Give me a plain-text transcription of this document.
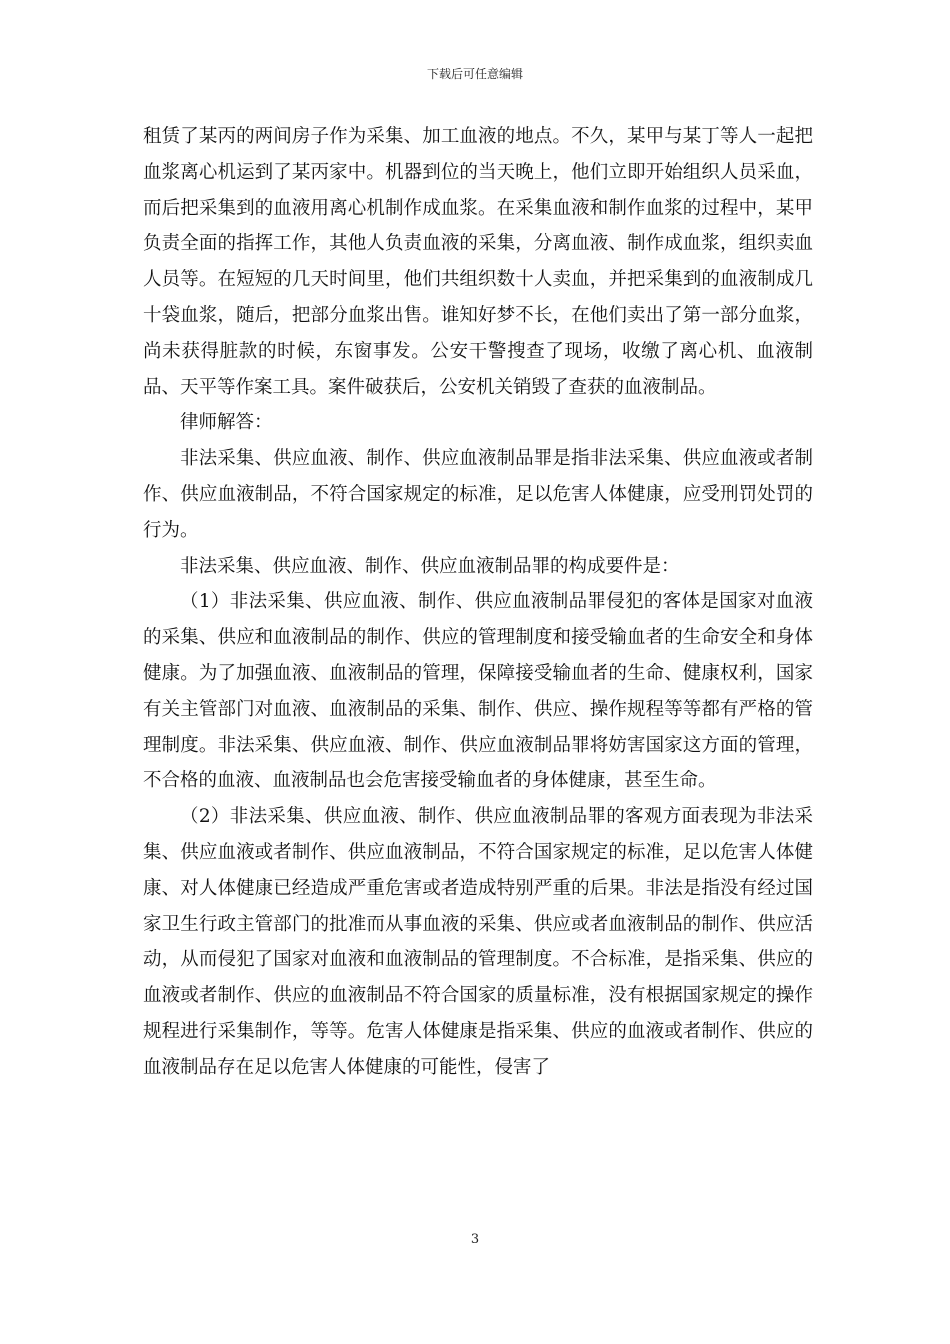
下载后可任意编辑

租赁了某丙的两间房子作为采集、加工血液的地点。不久，某甲与某丁等人一起把血浆离心机运到了某丙家中。机器到位的当天晚上，他们立即开始组织人员采血，而后把采集到的血液用离心机制作成血浆。在采集血液和制作血浆的过程中，某甲负责全面的指挥工作，其他人负责血液的采集，分离血液、制作成血浆，组织卖血人员等。在短短的几天时间里，他们共组织数十人卖血，并把采集到的血液制成几十袋血浆，随后，把部分血浆出售。谁知好梦不长，在他们卖出了第一部分血浆，尚未获得脏款的时候，东窗事发。公安干警搜查了现场，收缴了离心机、血液制品、天平等作案工具。案件破获后，公安机关销毁了查获的血液制品。

律师解答：

非法采集、供应血液、制作、供应血液制品罪是指非法采集、供应血液或者制作、供应血液制品，不符合国家规定的标准，足以危害人体健康，应受刑罚处罚的行为。

非法采集、供应血液、制作、供应血液制品罪的构成要件是：

（1）非法采集、供应血液、制作、供应血液制品罪侵犯的客体是国家对血液的采集、供应和血液制品的制作、供应的管理制度和接受输血者的生命安全和身体健康。为了加强血液、血液制品的管理，保障接受输血者的生命、健康权利，国家有关主管部门对血液、血液制品的采集、制作、供应、操作规程等等都有严格的管理制度。非法采集、供应血液、制作、供应血液制品罪将妨害国家这方面的管理，不合格的血液、血液制品也会危害接受输血者的身体健康，甚至生命。

（2）非法采集、供应血液、制作、供应血液制品罪的客观方面表现为非法采集、供应血液或者制作、供应血液制品，不符合国家规定的标准，足以危害人体健康、对人体健康已经造成严重危害或者造成特别严重的后果。非法是指没有经过国家卫生行政主管部门的批准而从事血液的采集、供应或者血液制品的制作、供应活动，从而侵犯了国家对血液和血液制品的管理制度。不合标准，是指采集、供应的血液或者制作、供应的血液制品不符合国家的质量标准，没有根据国家规定的操作规程进行采集制作，等等。危害人体健康是指采集、供应的血液或者制作、供应的血液制品存在足以危害人体健康的可能性，侵害了

3
